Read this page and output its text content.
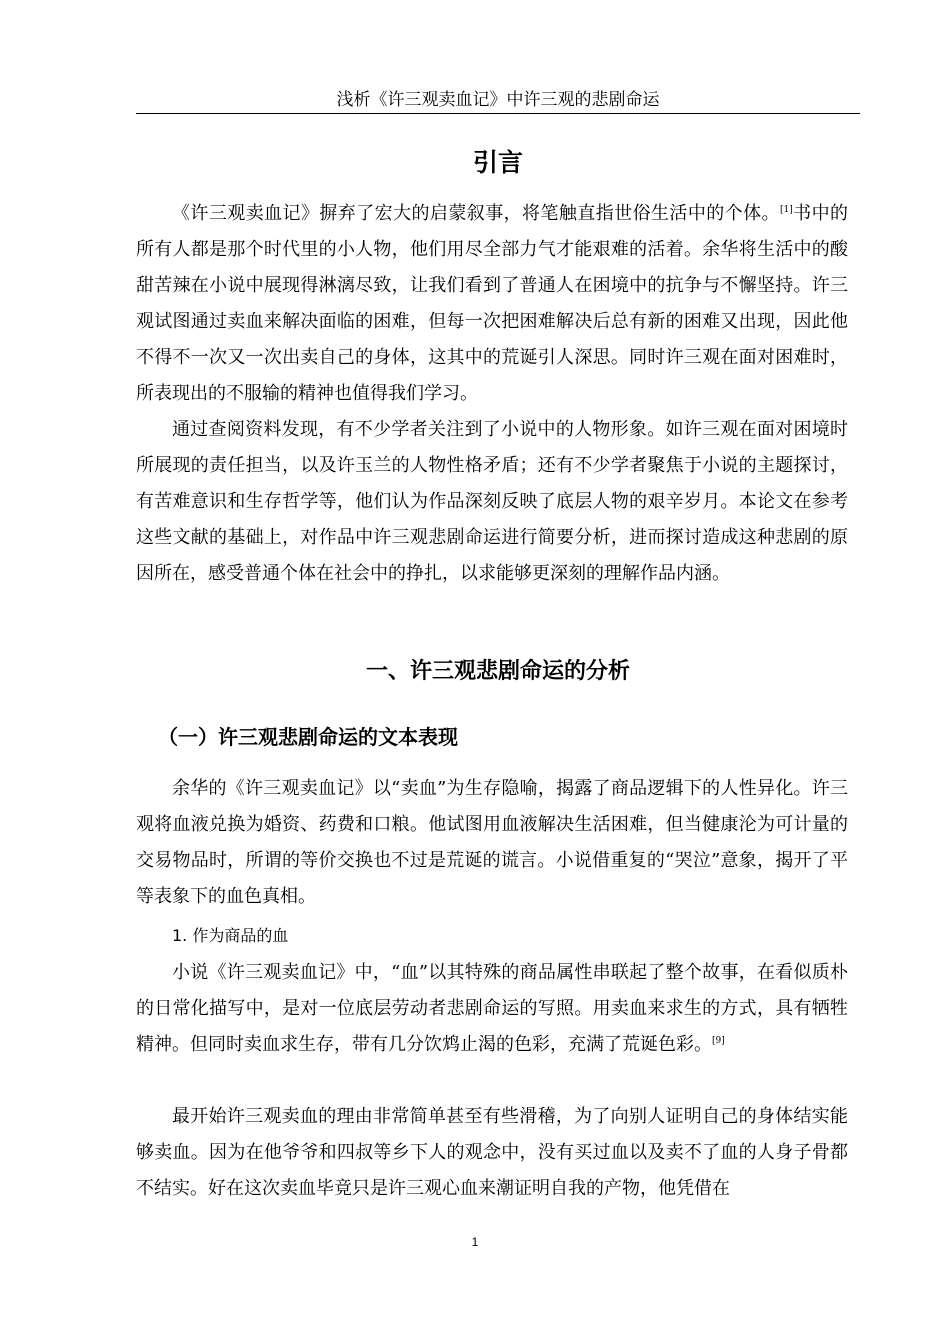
浅析《许三观卖血记》中许三观的悲剧命运
引言

《许三观卖血记》摒弃了宏大的启蒙叙事，将笔触直指世俗生活中的个体。[1]书中的所有人都是那个时代里的小人物，他们用尽全部力气才能艰难的活着。余华将生活中的酸甜苦辣在小说中展现得淋漓尽致，让我们看到了普通人在困境中的抗争与不懈坚持。许三观试图通过卖血来解决面临的困难，但每一次把困难解决后总有新的困难又出现，因此他不得不一次又一次出卖自己的身体，这其中的荒诞引人深思。同时许三观在面对困难时，所表现出的不服输的精神也值得我们学习。

通过查阅资料发现，有不少学者关注到了小说中的人物形象。如许三观在面对困境时所展现的责任担当，以及许玉兰的人物性格矛盾；还有不少学者聚焦于小说的主题探讨，有苦难意识和生存哲学等，他们认为作品深刻反映了底层人物的艰辛岁月。本论文在参考这些文献的基础上，对作品中许三观悲剧命运进行简要分析，进而探讨造成这种悲剧的原因所在，感受普通个体在社会中的挣扎，以求能够更深刻的理解作品内涵。

一、许三观悲剧命运的分析
（一）许三观悲剧命运的文本表现

余华的《许三观卖血记》以“卖血”为生存隐喻，揭露了商品逻辑下的人性异化。许三观将血液兑换为婚资、药费和口粮。他试图用血液解决生活困难，但当健康沦为可计量的交易物品时，所谓的等价交换也不过是荒诞的谎言。小说借重复的“哭泣”意象，揭开了平等表象下的血色真相。

1. 作为商品的血

小说《许三观卖血记》中，“血”以其特殊的商品属性串联起了整个故事，在看似质朴的日常化描写中，是对一位底层劳动者悲剧命运的写照。用卖血来求生的方式，具有牺牲精神。但同时卖血求生存，带有几分饮鸩止渴的色彩，充满了荒诞色彩。[9]

最开始许三观卖血的理由非常简单甚至有些滑稽，为了向别人证明自己的身体结实能够卖血。因为在他爷爷和四叔等乡下人的观念中，没有买过血以及卖不了血的人身子骨都不结实。好在这次卖血毕竟只是许三观心血来潮证明自我的产物，他凭借在

1
